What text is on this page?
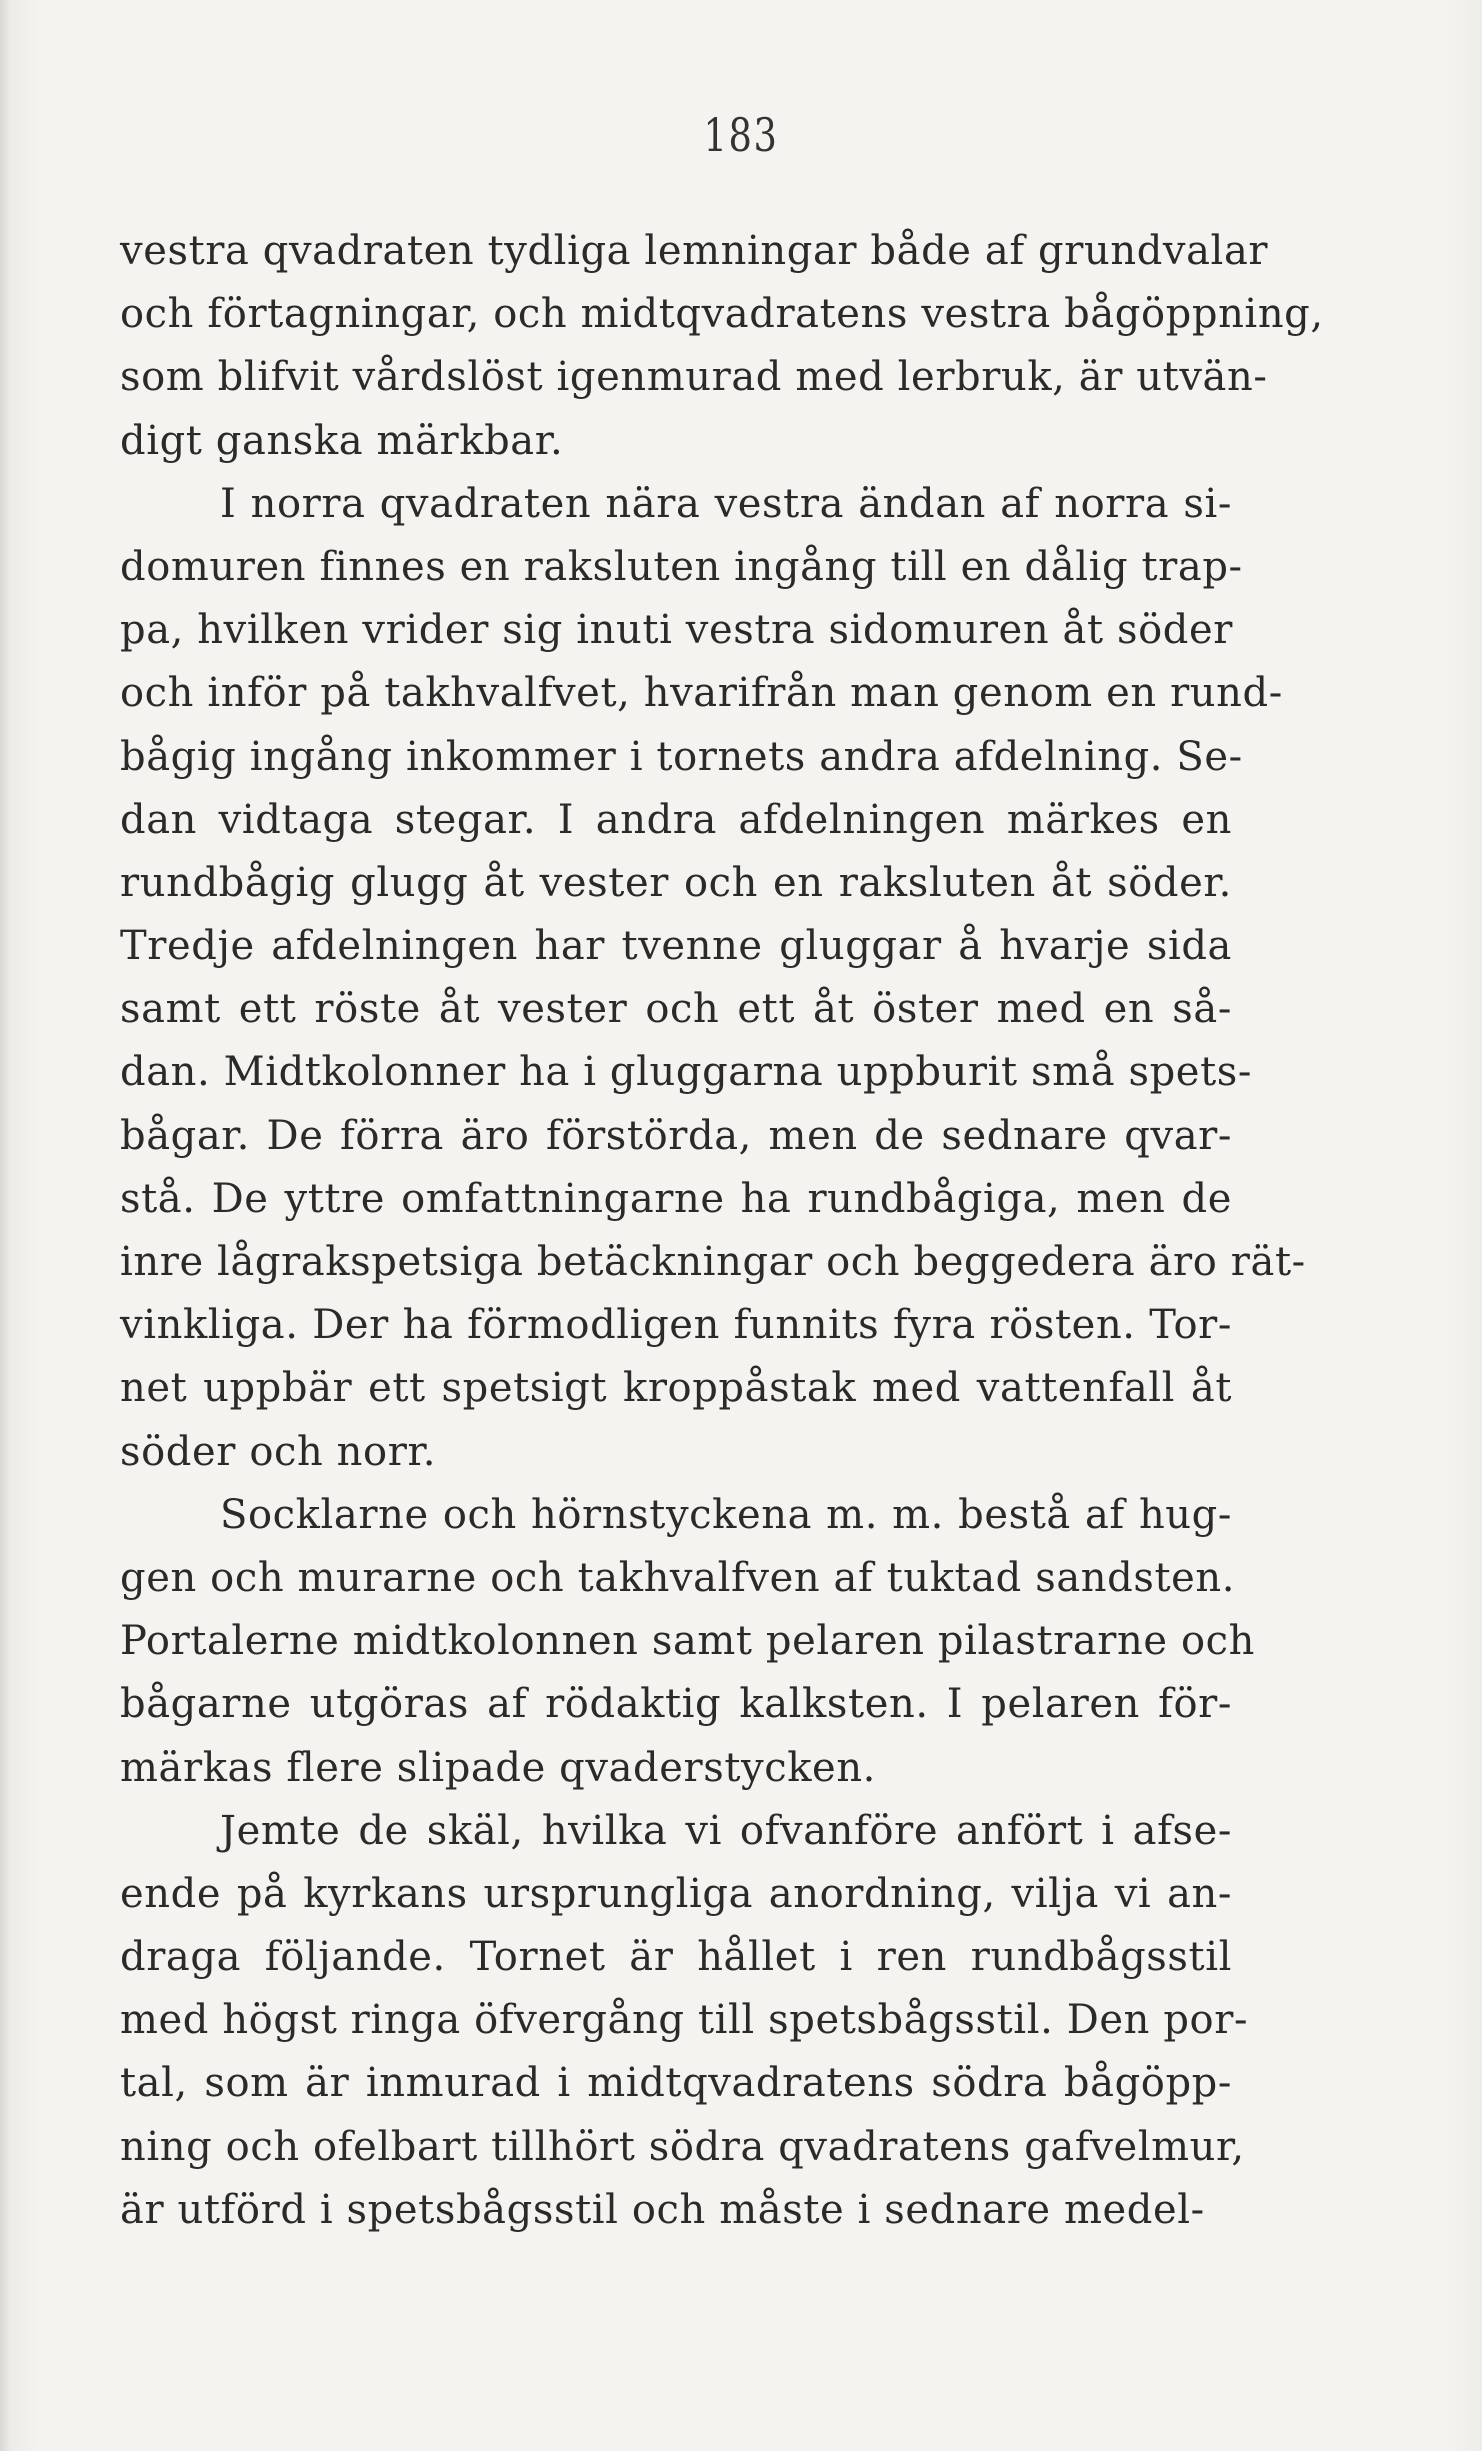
183
vestra qvadraten tydliga lemningar både af grundvalar
och förtagningar, och midtqvadratens vestra bågöppning,
som blifvit vårdslöst igenmurad med lerbruk, är utvän-
digt ganska märkbar.
I norra qvadraten nära vestra ändan af norra si-
domuren finnes en raksluten ingång till en dålig trap-
pa, hvilken vrider sig inuti vestra sidomuren åt söder
och inför på takhvalfvet, hvarifrån man genom en rund-
bågig ingång inkommer i tornets andra afdelning. Se-
dan vidtaga stegar. I andra afdelningen märkes en
rundbågig glugg åt vester och en raksluten åt söder.
Tredje afdelningen har tvenne gluggar å hvarje sida
samt ett röste åt vester och ett åt öster med en så-
dan. Midtkolonner ha i gluggarna uppburit små spets-
bågar. De förra äro förstörda, men de sednare qvar-
stå. De yttre omfattningarne ha rundbågiga, men de
inre lågrakspetsiga betäckningar och beggedera äro rät-
vinkliga. Der ha förmodligen funnits fyra rösten. Tor-
net uppbär ett spetsigt kroppåstak med vattenfall åt
söder och norr.
Socklarne och hörnstyckena m. m. bestå af hug-
gen och murarne och takhvalfven af tuktad sandsten.
Portalerne midtkolonnen samt pelaren pilastrarne och
bågarne utgöras af rödaktig kalksten. I pelaren för-
märkas flere slipade qvaderstycken.
Jemte de skäl, hvilka vi ofvanföre anfört i afse-
ende på kyrkans ursprungliga anordning, vilja vi an-
draga följande. Tornet är hållet i ren rundbågsstil
med högst ringa öfvergång till spetsbågsstil. Den por-
tal, som är inmurad i midtqvadratens södra bågöpp-
ning och ofelbart tillhört södra qvadratens gafvelmur,
är utförd i spetsbågsstil och måste i sednare medel-
